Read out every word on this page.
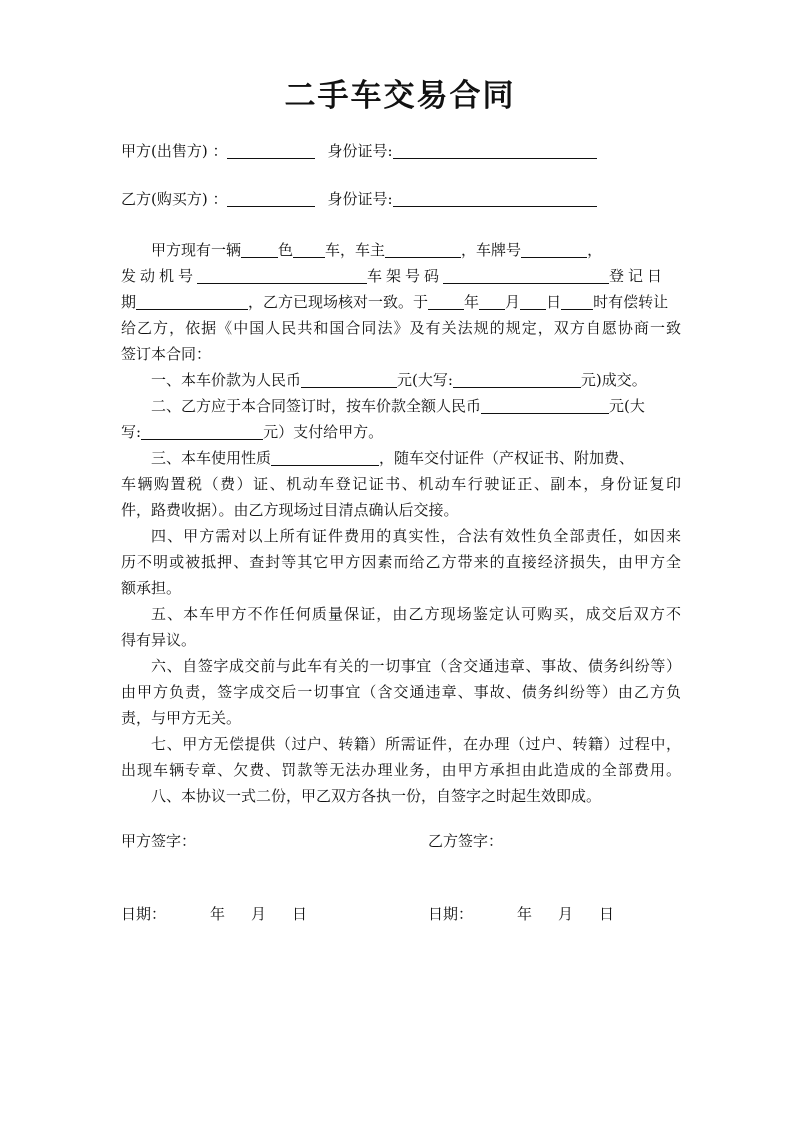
二手车交易合同
甲方(出售方) ：	身份证号:
乙方(购买方) ：	身份证号:
甲方现有一辆 色 车，车主	，车牌号	，
发动机号	车架号码	登记日
期	，乙方已现场核对一致。于 年 月 日 时有偿转让
给乙方，依据《中国人民共和国合同法》及有关法规的规定，双方自愿协商一致
签订本合同：
一、本车价款为人民币	元(大写:	元)成交。
二、乙方应于本合同签订时，按车价款全额人民币	元(大
写:	元）支付给甲方。
三、本车使用性质	，随车交付证件（产权证书、附加费、
车辆购置税（费）证、机动车登记证书、机动车行驶证正、副本，身份证复印
件，路费收据）。由乙方现场过目清点确认后交接。
四、甲方需对以上所有证件费用的真实性，合法有效性负全部责任，如因来
历不明或被抵押、查封等其它甲方因素而给乙方带来的直接经济损失，由甲方全
额承担。
五、本车甲方不作任何质量保证，由乙方现场鉴定认可购买，成交后双方不
得有异议。
六、自签字成交前与此车有关的一切事宜（含交通违章、事故、债务纠纷等）
由甲方负责，签字成交后一切事宜（含交通违章、事故、债务纠纷等）由乙方负
责，与甲方无关。
七、甲方无偿提供（过户、转籍）所需证件，在办理（过户、转籍）过程中，
出现车辆专章、欠费、罚款等无法办理业务，由甲方承担由此造成的全部费用。
八、本协议一式二份，甲乙双方各执一份，自签字之时起生效即成。
甲方签字：	乙方签字：
日期：	年 月 日	日期：	年 月 日
